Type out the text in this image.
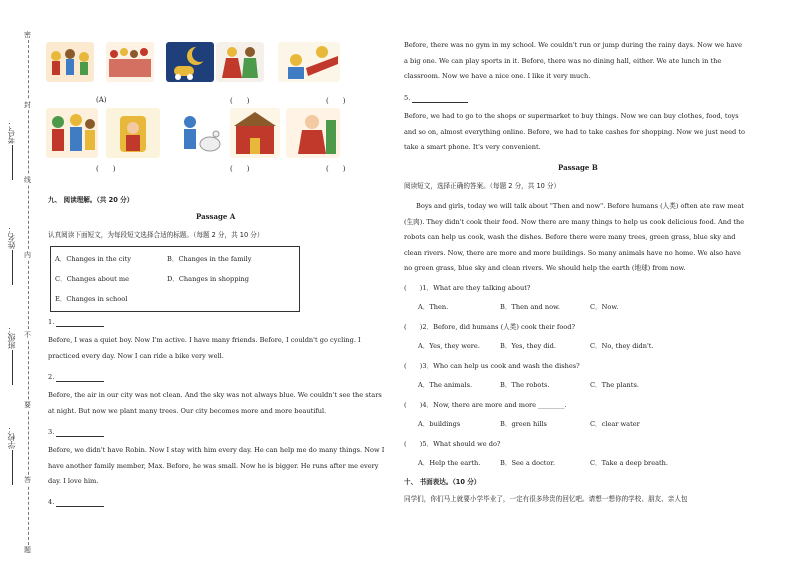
密
封
线
内
不
要
答
题
考号：
姓名：
班级：
学校：
(A)	(　　)	(　　)
(　　)	(　　)	(　　)
九、 阅读理解。（共 20 分）
Passage A
认真阅读下面短文，为每段短文选择合适的标题。（每题 2 分，共 10 分）
A．Changes in the city	B．Changes in the family
C．Changes about me	D．Changes in shopping
E．Changes in school
1.
Before, I was a quiet boy. Now I'm active. I have many friends. Before, I couldn't go cycling. I practiced every day. Now I can ride a bike very well.
2.
Before, the air in our city was not clean. And the sky was not always blue. We couldn't see the stars at night. But now we plant many trees. Our city becomes more and more beautiful.
3.
Before, we didn't have Robin. Now I stay with him every day. He can help me do many things. Now I have another family member, Max. Before, he was small. Now he is bigger. He runs after me every day. I love him.
4.
Before, there was no gym in my school. We couldn't run or jump during the rainy days. Now we have a big one. We can play sports in it. Before, there was no dining hall, either. We ate lunch in the classroom. Now we have a nice one. I like it very much.
5.
Before, we had to go to the shops or supermarket to buy things. Now we can buy clothes, food, toys and so on, almost everything online. Before, we had to take cashes for shopping. Now we just need to take a smart phone. It's very convenient.
Passage B
阅读短文，选择正确的答案。（每题 2 分，共 10 分）
Boys and girls, today we will talk about "Then and now". Before humans (人类) often ate raw meat (生肉). They didn't cook their food. Now there are many things to help us cook delicious food. And the robots can help us cook, wash the dishes. Before there were many trees, green grass, blue sky and clean rivers. Now, there are more and more buildings. So many animals have no home. We also have no green grass, blue sky and clean rivers. We should help the earth (地球) from now.
(　　)1．What are they talking about?
A．Then.	B．Then and now.	C．Now.
(　　)2．Before, did humans (人类) cook their food?
A．Yes, they were.	B．Yes, they did.	C．No, they didn't.
(　　)3．Who can help us cook and wash the dishes?
A．The animals.	B．The robots.	C．The plants.
(　　)4．Now, there are more and more ________.
A．buildings	B．green hills	C．clear water
(　　)5．What should we do?
A．Help the earth.	B．See a doctor.	C．Take a deep breath.
十、 书面表达。（10 分）
同学们，你们马上就要小学毕业了，一定有很多珍贵的回忆吧。请想一想你的学校、朋友、亲人包
